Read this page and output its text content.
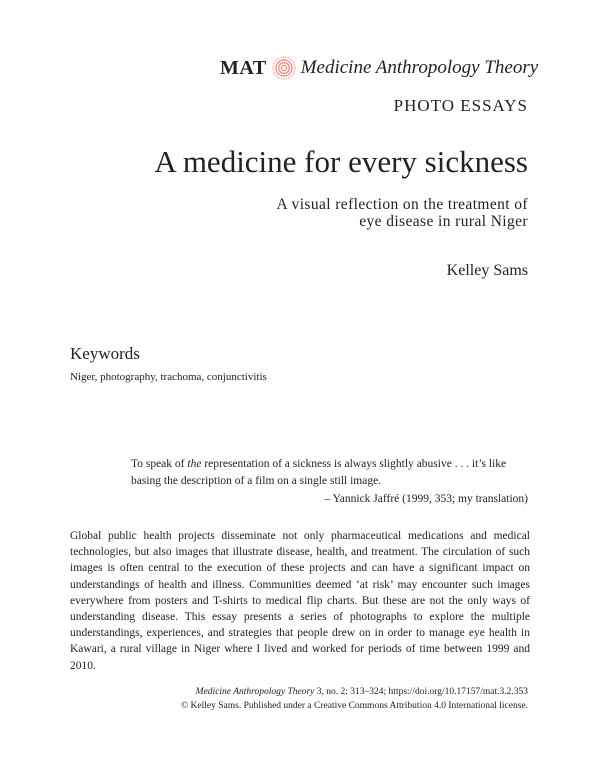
MAT Medicine Anthropology Theory
PHOTO ESSAYS
A medicine for every sickness
A visual reflection on the treatment of
eye disease in rural Niger
Kelley Sams
Keywords
Niger, photography, trachoma, conjunctivitis
To speak of the representation of a sickness is always slightly abusive . . . it’s like basing the description of a film on a single still image.
– Yannick Jaffré (1999, 353; my translation)
Global public health projects disseminate not only pharmaceutical medications and medical technologies, but also images that illustrate disease, health, and treatment. The circulation of such images is often central to the execution of these projects and can have a significant impact on understandings of health and illness. Communities deemed ‘at risk’ may encounter such images everywhere from posters and T-shirts to medical flip charts. But these are not the only ways of understanding disease. This essay presents a series of photographs to explore the multiple understandings, experiences, and strategies that people drew on in order to manage eye health in Kawari, a rural village in Niger where I lived and worked for periods of time between 1999 and 2010.
Medicine Anthropology Theory 3, no. 2: 313–324; https://doi.org/10.17157/mat.3.2.353
© Kelley Sams. Published under a Creative Commons Attribution 4.0 International license.
